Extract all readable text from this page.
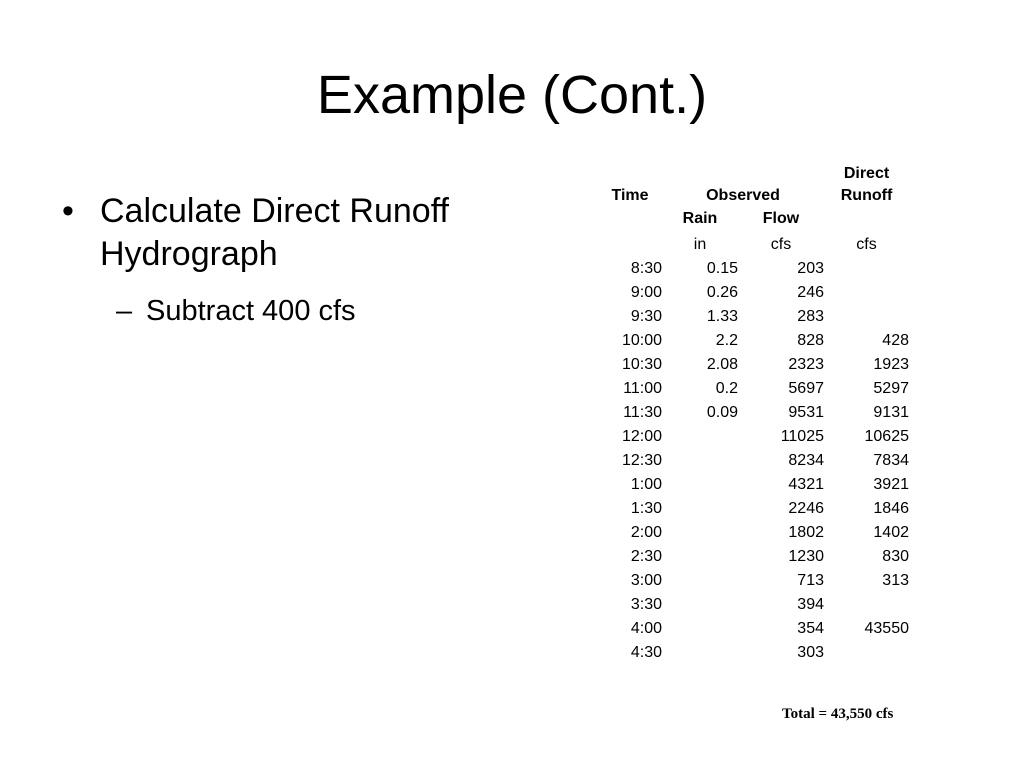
Example (Cont.)
• Calculate Direct Runoff Hydrograph
– Subtract 400 cfs
			Direct
Time	Observed		Runoff
	Rain	Flow	
	in	cfs	cfs
8:30	0.15	203	
9:00	0.26	246	
9:30	1.33	283	
10:00	2.2	828	428
10:30	2.08	2323	1923
11:00	0.2	5697	5297
11:30	0.09	9531	9131
12:00		11025	10625
12:30		8234	7834
1:00		4321	3921
1:30		2246	1846
2:00		1802	1402
2:30		1230	830
3:00		713	313
3:30		394	
4:00		354	43550
4:30		303	
Total = 43,550 cfs
